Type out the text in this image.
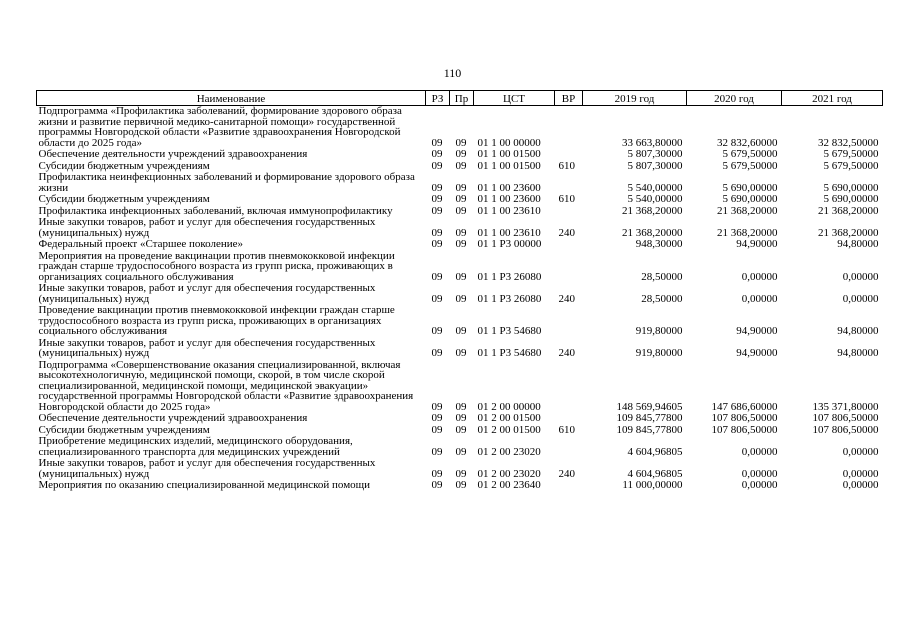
110
Наименование	РЗ	Пр	ЦСТ	ВР	2019 год	2020 год	2021 год
Подпрограмма «Профилактика заболеваний, формирование здорового образа жизни и развитие первичной медико-санитарной помощи» государственной программы Новгородской области «Развитие здравоохранения Новгородской области до 2025 года»	09	09	01 1 00 00000		33 663,80000	32 832,60000	32 832,50000
Обеспечение деятельности учреждений здравоохранения	09	09	01 1 00 01500		5 807,30000	5 679,50000	5 679,50000
Субсидии бюджетным учреждениям	09	09	01 1 00 01500	610	5 807,30000	5 679,50000	5 679,50000
Профилактика неинфекционных заболеваний и формирование здорового образа жизни	09	09	01 1 00 23600		5 540,00000	5 690,00000	5 690,00000
Субсидии бюджетным учреждениям	09	09	01 1 00 23600	610	5 540,00000	5 690,00000	5 690,00000
Профилактика инфекционных заболеваний, включая иммунопрофилактику	09	09	01 1 00 23610		21 368,20000	21 368,20000	21 368,20000
Иные закупки товаров, работ и услуг для обеспечения государственных (муниципальных) нужд	09	09	01 1 00 23610	240	21 368,20000	21 368,20000	21 368,20000
Федеральный проект «Старшее поколение»	09	09	01 1 P3 00000		948,30000	94,90000	94,80000
Мероприятия на проведение вакцинации против пневмококковой инфекции граждан старше трудоспособного возраста из групп риска, проживающих в организациях социального обслуживания	09	09	01 1 P3 26080		28,50000	0,00000	0,00000
Иные закупки товаров, работ и услуг для обеспечения государственных (муниципальных) нужд	09	09	01 1 P3 26080	240	28,50000	0,00000	0,00000
Проведение вакцинации против пневмококковой инфекции граждан старше трудоспособного возраста из групп риска, проживающих в организациях социального обслуживания	09	09	01 1 P3 54680		919,80000	94,90000	94,80000
Иные закупки товаров, работ и услуг для обеспечения государственных (муниципальных) нужд	09	09	01 1 P3 54680	240	919,80000	94,90000	94,80000
Подпрограмма «Совершенствование оказания специализированной, включая высокотехнологичную, медицинской помощи, скорой, в том числе скорой специализированной, медицинской помощи, медицинской эвакуации» государственной программы Новгородской области «Развитие здравоохранения Новгородской области до 2025 года»	09	09	01 2 00 00000		148 569,94605	147 686,60000	135 371,80000
Обеспечение деятельности учреждений здравоохранения	09	09	01 2 00 01500		109 845,77800	107 806,50000	107 806,50000
Субсидии бюджетным учреждениям	09	09	01 2 00 01500	610	109 845,77800	107 806,50000	107 806,50000
Приобретение медицинских изделий, медицинского оборудования, специализированного транспорта для медицинских учреждений	09	09	01 2 00 23020		4 604,96805	0,00000	0,00000
Иные закупки товаров, работ и услуг для обеспечения государственных (муниципальных) нужд	09	09	01 2 00 23020	240	4 604,96805	0,00000	0,00000
Мероприятия по оказанию специализированной медицинской помощи	09	09	01 2 00 23640		11 000,00000	0,00000	0,00000
